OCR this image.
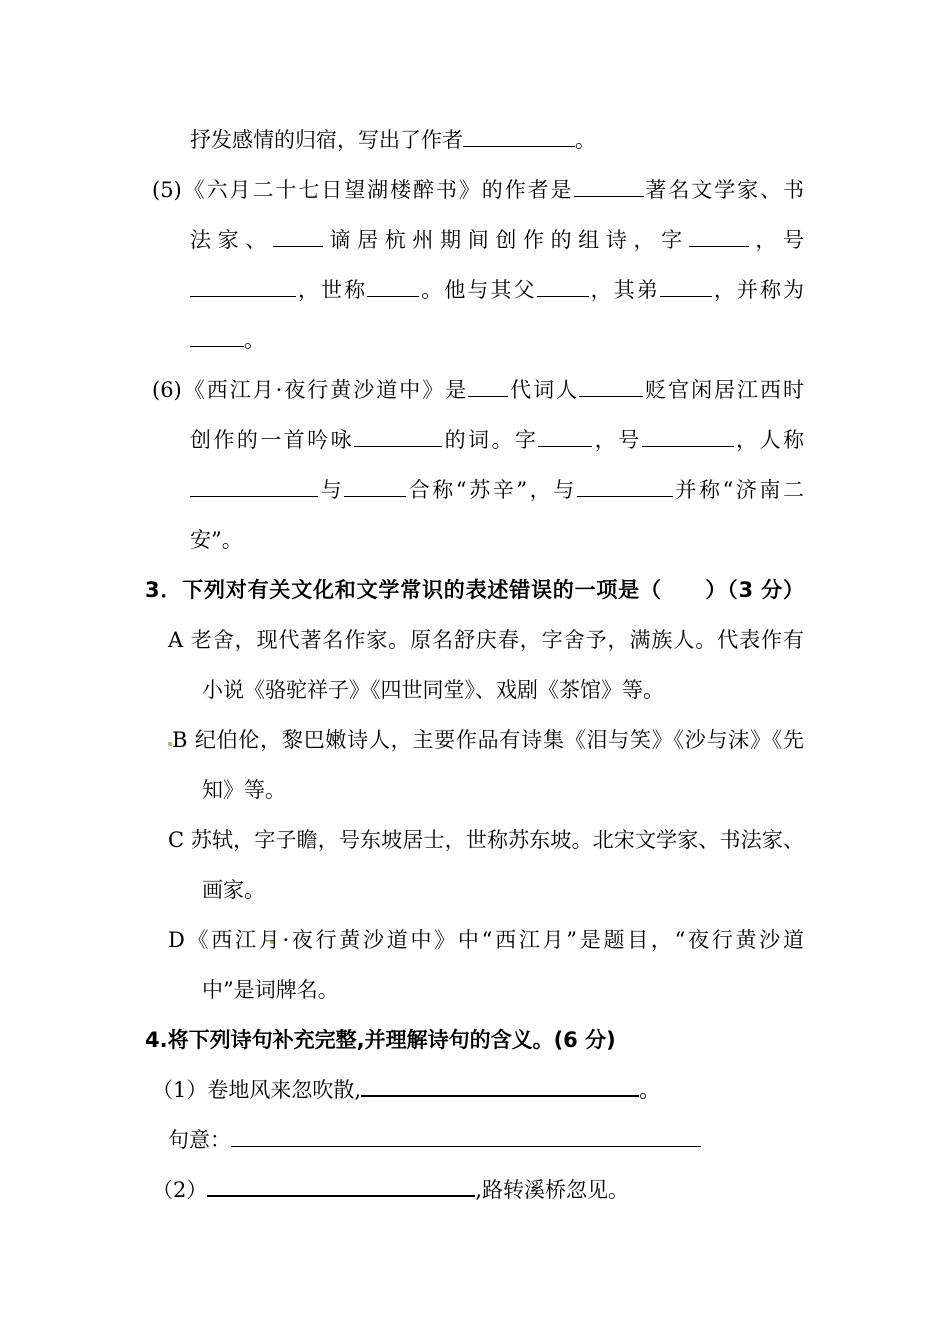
抒发感情的归宿，写出了作者	。
(5)《六月二十七日望湖楼醉书》的作者是	著名文学家、书
法家、 谪居杭州期间创作的组诗，字	，号
，世称 。他与其父 ，其弟 ，并称为
。
(6)《西江月·夜行黄沙道中》是 代词人	贬官闲居江西时
创作的一首吟咏	的词。字	，号	，人称
与	合称“苏辛”，与	并称“济南二
安”。
3．下列对有关文化和文学常识的表述错误的一项是（　　）（3 分）
A 老舍，现代著名作家。原名舒庆春，字舍予，满族人。代表作有
小说《骆驼祥子》《四世同堂》、戏剧《茶馆》等。
B 纪伯伦，黎巴嫩诗人，主要作品有诗集《泪与笑》《沙与沫》《先
知》等。
C 苏轼，字子瞻，号东坡居士，世称苏东坡。北宋文学家、书法家、
画家。
D《西江月·夜行黄沙道中》中“西江月”是题目，“夜行黄沙道
中”是词牌名。
4.将下列诗句补充完整,并理解诗句的含义。(6 分)
（1）卷地风来忽吹散,	。
句意：
（2）	,路转溪桥忽见。
